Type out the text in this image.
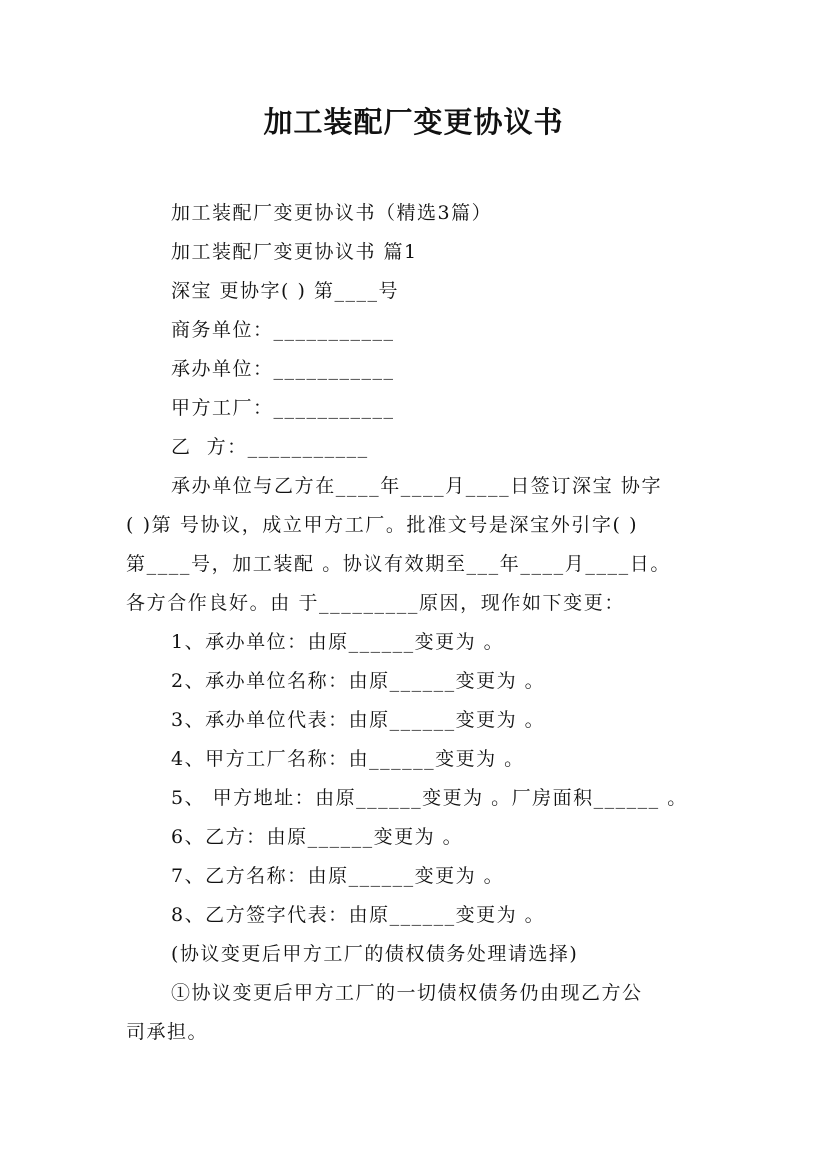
加工装配厂变更协议书
加工装配厂变更协议书（精选3篇）
加工装配厂变更协议书 篇1
深宝 更协字( ) 第____号
商务单位：___________
承办单位：___________
甲方工厂：___________
乙  方：___________
承办单位与乙方在____年____月____日签订深宝 协字
( )第 号协议，成立甲方工厂。批准文号是深宝外引字( )
第____号，加工装配 。协议有效期至___年____月____日。
各方合作良好。由 于_________原因，现作如下变更：
1、承办单位：由原______变更为 。
2、承办单位名称：由原______变更为 。
3、承办单位代表：由原______变更为 。
4、甲方工厂名称：由______变更为 。
5、 甲方地址：由原______变更为 。厂房面积______ 。
6、乙方：由原______变更为 。
7、乙方名称：由原______变更为 。
8、乙方签字代表：由原______变更为 。
(协议变更后甲方工厂的债权债务处理请选择)
①协议变更后甲方工厂的一切债权债务仍由现乙方公
司承担。
